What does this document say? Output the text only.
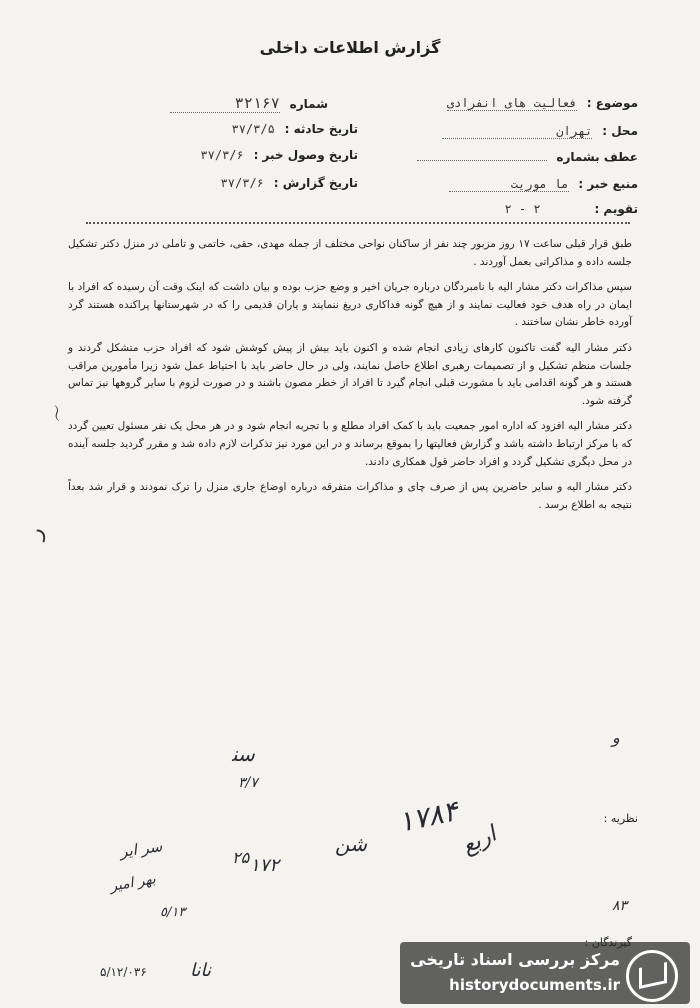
گزارش اطلاعات داخلی
موضوع : فعالیت های انفرادی
محل : تهران
عطف بشماره
منبع خبر : ما موریت
تقویم : ۲ - ۲
شماره ۳۲۱۶۷
تاریخ حادثه : ۳۷/۳/۵
تاریخ وصول خبر : ۳۷/۳/۶
تاریخ گزارش : ۳۷/۳/۶

طبق قرار قبلی ساعت ۱۷ روز مزبور چند نفر از ساکنان نواحی مختلف از جمله مهدی، حقی، خاتمی و تاملی در منزل دکتر تشکیل جلسه داده و مذاکراتی بعمل آوردند .

سپس مذاکرات دکتر مشار الیه با نامبردگان درباره جریان اخیر و وضع حزب بوده و بیان داشت که اینک وقت آن رسیده که افراد با ایمان در راه هدف خود فعالیت نمایند و از هیچ گونه فداکاری دریغ ننمایند و یاران قدیمی را که در شهرستانها پراکنده هستند گرد آورده خاطر نشان ساختند .

دکتر مشار الیه گفت تاکنون کارهای زیادی انجام شده و اکنون باید بیش از پیش کوشش شود که افراد حزب متشکل گردند و جلسات منظم تشکیل و از تصمیمات رهبری اطلاع حاصل نمایند، ولی در حال حاضر باید با احتیاط عمل شود زیرا مأمورین مراقب هستند و هر گونه اقدامی باید با مشورت قبلی انجام گیرد تا افراد از خطر مصون باشند و در صورت لزوم با سایر گروهها نیز تماس گرفته شود.

دکتر مشار الیه افزود که اداره امور جمعیت باید با کمک افراد مطلع و با تجربه انجام شود و در هر محل یک نفر مسئول تعیین گردد که با مرکز ارتباط داشته باشد و گزارش فعالیتها را بموقع برساند و در این مورد نیز تذکرات لازم داده شد و مقرر گردید جلسه آینده در محل دیگری تشکیل گردد و افراد حاضر قول همکاری دادند.

دکتر مشار الیه و سایر حاضرین پس از صرف چای و مذاکرات متفرقه درباره اوضاع جاری منزل را ترک نمودند و قرار شد بعداً نتیجه به اطلاع برسد .

〜
ﺭ
ﺳﻨ
۳/۷
ﻭ
نظریه :
۱۷۸۴
ﺍﺭﺑﻊ
ﺷﻦ
۱۷۲
۲۵
ﺳﺮ ﺍﻳﺮ
ﺑﻬﺮ ﺍﻣﻴﺮ
٥/١٣	۸۳
ﻧﺎﻧﺎ
۵/۱۲/۰۳۶
مرکز بررسی اسناد تاریخی
historydocuments.ir
